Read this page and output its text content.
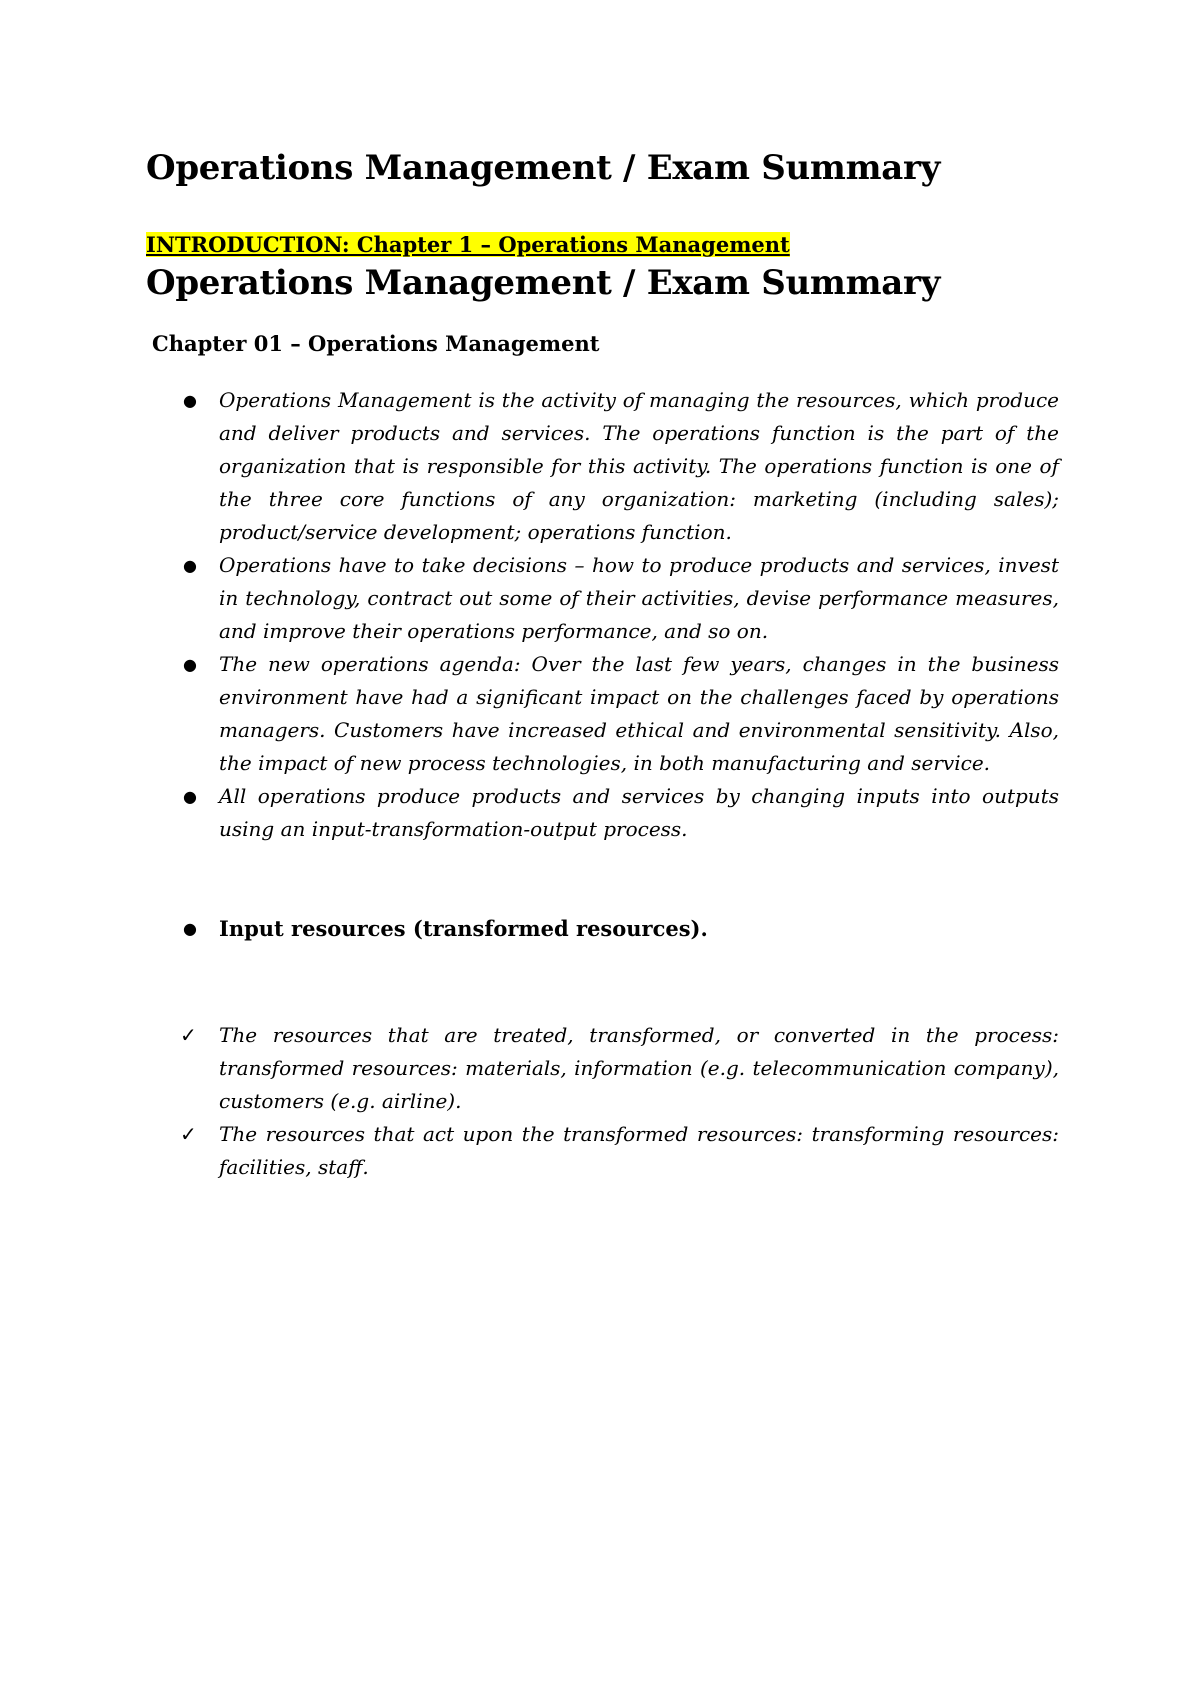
Operations Management / Exam Summary
INTRODUCTION: Chapter 1 – Operations Management
Operations Management / Exam Summary
Chapter 01 – Operations Management
● Operations Management is the activity of managing the resources, which produce and deliver products and services. The operations function is the part of the organization that is responsible for this activity. The operations function is one of the three core functions of any organization: marketing (including sales); product/service development; operations function.
● Operations have to take decisions – how to produce products and services, invest in technology, contract out some of their activities, devise performance measures, and improve their operations performance, and so on.
● The new operations agenda: Over the last few years, changes in the business environment have had a significant impact on the challenges faced by operations managers. Customers have increased ethical and environmental sensitivity. Also, the impact of new process technologies, in both manufacturing and service.
● All operations produce products and services by changing inputs into outputs using an input-transformation-output process.
● Input resources (transformed resources).
✓ The resources that are treated, transformed, or converted in the process: transformed resources: materials, information (e.g. telecommunication company), customers (e.g. airline).
✓ The resources that act upon the transformed resources: transforming resources: facilities, staff.
